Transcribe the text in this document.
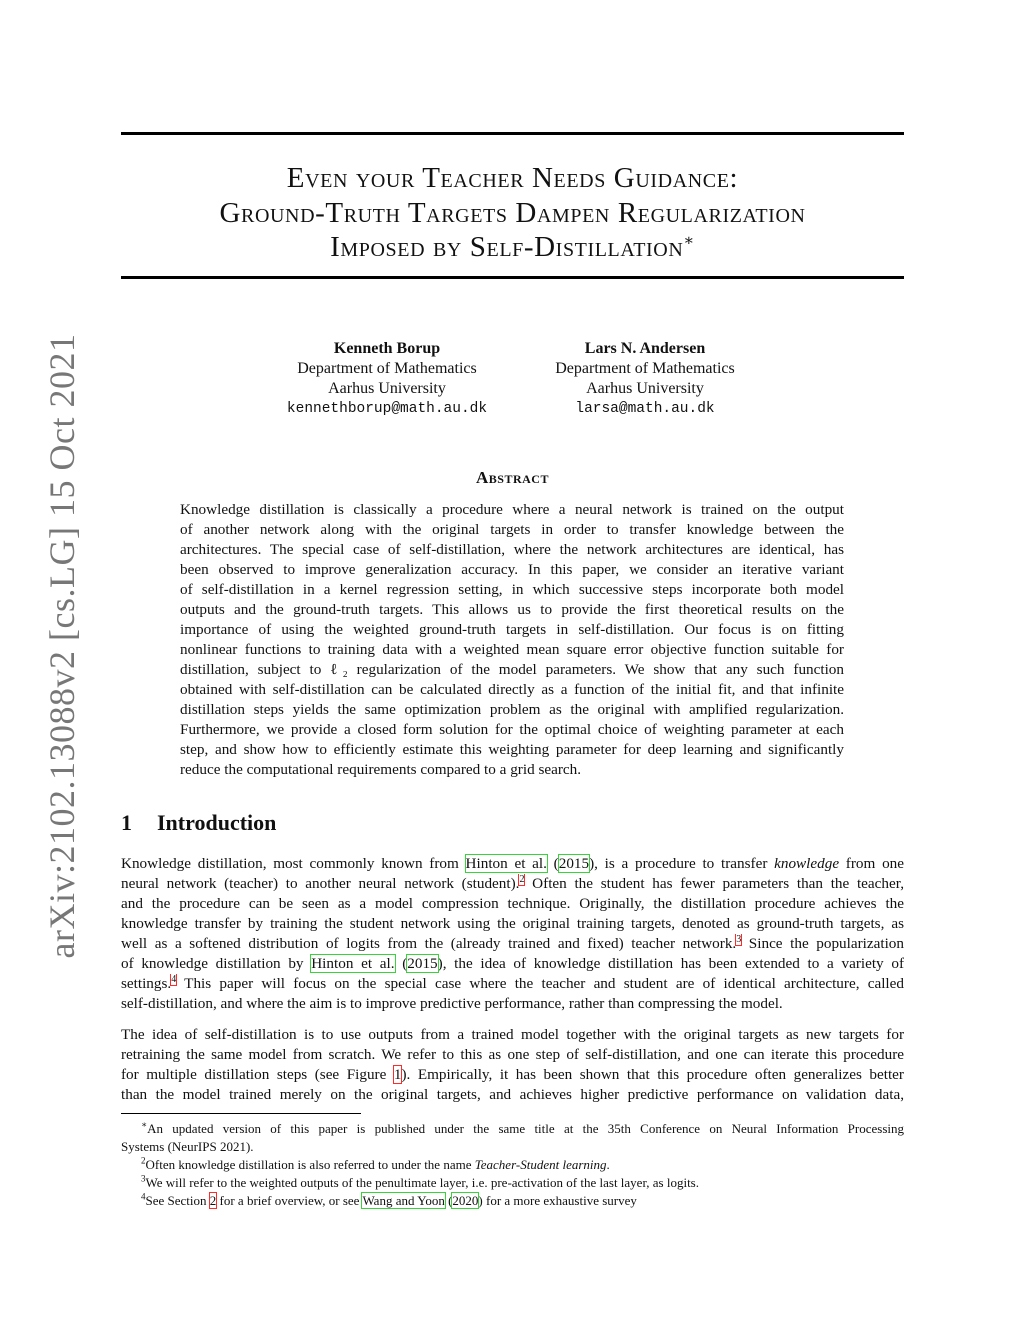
arXiv:2102.13088v2 [cs.LG] 15 Oct 2021
Even your Teacher Needs Guidance:
Ground-Truth Targets Dampen Regularization
Imposed by Self-Distillation∗
Kenneth Borup
Department of Mathematics
Aarhus University
kennethborup@math.au.dk
Lars N. Andersen
Department of Mathematics
Aarhus University
larsa@math.au.dk
Abstract
Knowledge distillation is classically a procedure where a neural network is trained on the output
of another network along with the original targets in order to transfer knowledge between the
architectures. The special case of self-distillation, where the network architectures are identical, has
been observed to improve generalization accuracy. In this paper, we consider an iterative variant
of self-distillation in a kernel regression setting, in which successive steps incorporate both model
outputs and the ground-truth targets. This allows us to provide the first theoretical results on the
importance of using the weighted ground-truth targets in self-distillation. Our focus is on fitting
nonlinear functions to training data with a weighted mean square error objective function suitable for
distillation, subject to ℓ₂ regularization of the model parameters. We show that any such function
obtained with self-distillation can be calculated directly as a function of the initial fit, and that infinite
distillation steps yields the same optimization problem as the original with amplified regularization.
Furthermore, we provide a closed form solution for the optimal choice of weighting parameter at each
step, and show how to efficiently estimate this weighting parameter for deep learning and significantly
reduce the computational requirements compared to a grid search.
1 Introduction
Knowledge distillation, most commonly known from Hinton et al. (2015), is a procedure to transfer knowledge from one
neural network (teacher) to another neural network (student).$^2$ Often the student has fewer parameters than the teacher,
and the procedure can be seen as a model compression technique. Originally, the distillation procedure achieves the
knowledge transfer by training the student network using the original training targets, denoted as ground-truth targets, as
well as a softened distribution of logits from the (already trained and fixed) teacher network.$^3$ Since the popularization
of knowledge distillation by Hinton et al. (2015), the idea of knowledge distillation has been extended to a variety of
settings.$^4$ This paper will focus on the special case where the teacher and student are of identical architecture, called
self-distillation, and where the aim is to improve predictive performance, rather than compressing the model.
The idea of self-distillation is to use outputs from a trained model together with the original targets as new targets for
retraining the same model from scratch. We refer to this as one step of self-distillation, and one can iterate this procedure
for multiple distillation steps (see Figure 1). Empirically, it has been shown that this procedure often generalizes better
than the model trained merely on the original targets, and achieves higher predictive performance on validation data,
∗An updated version of this paper is published under the same title at the 35th Conference on Neural Information Processing
Systems (NeurIPS 2021).
$^2$Often knowledge distillation is also referred to under the name Teacher-Student learning.
$^3$We will refer to the weighted outputs of the penultimate layer, i.e. pre-activation of the last layer, as logits.
$^4$See Section 2 for a brief overview, or see Wang and Yoon (2020) for a more exhaustive survey
